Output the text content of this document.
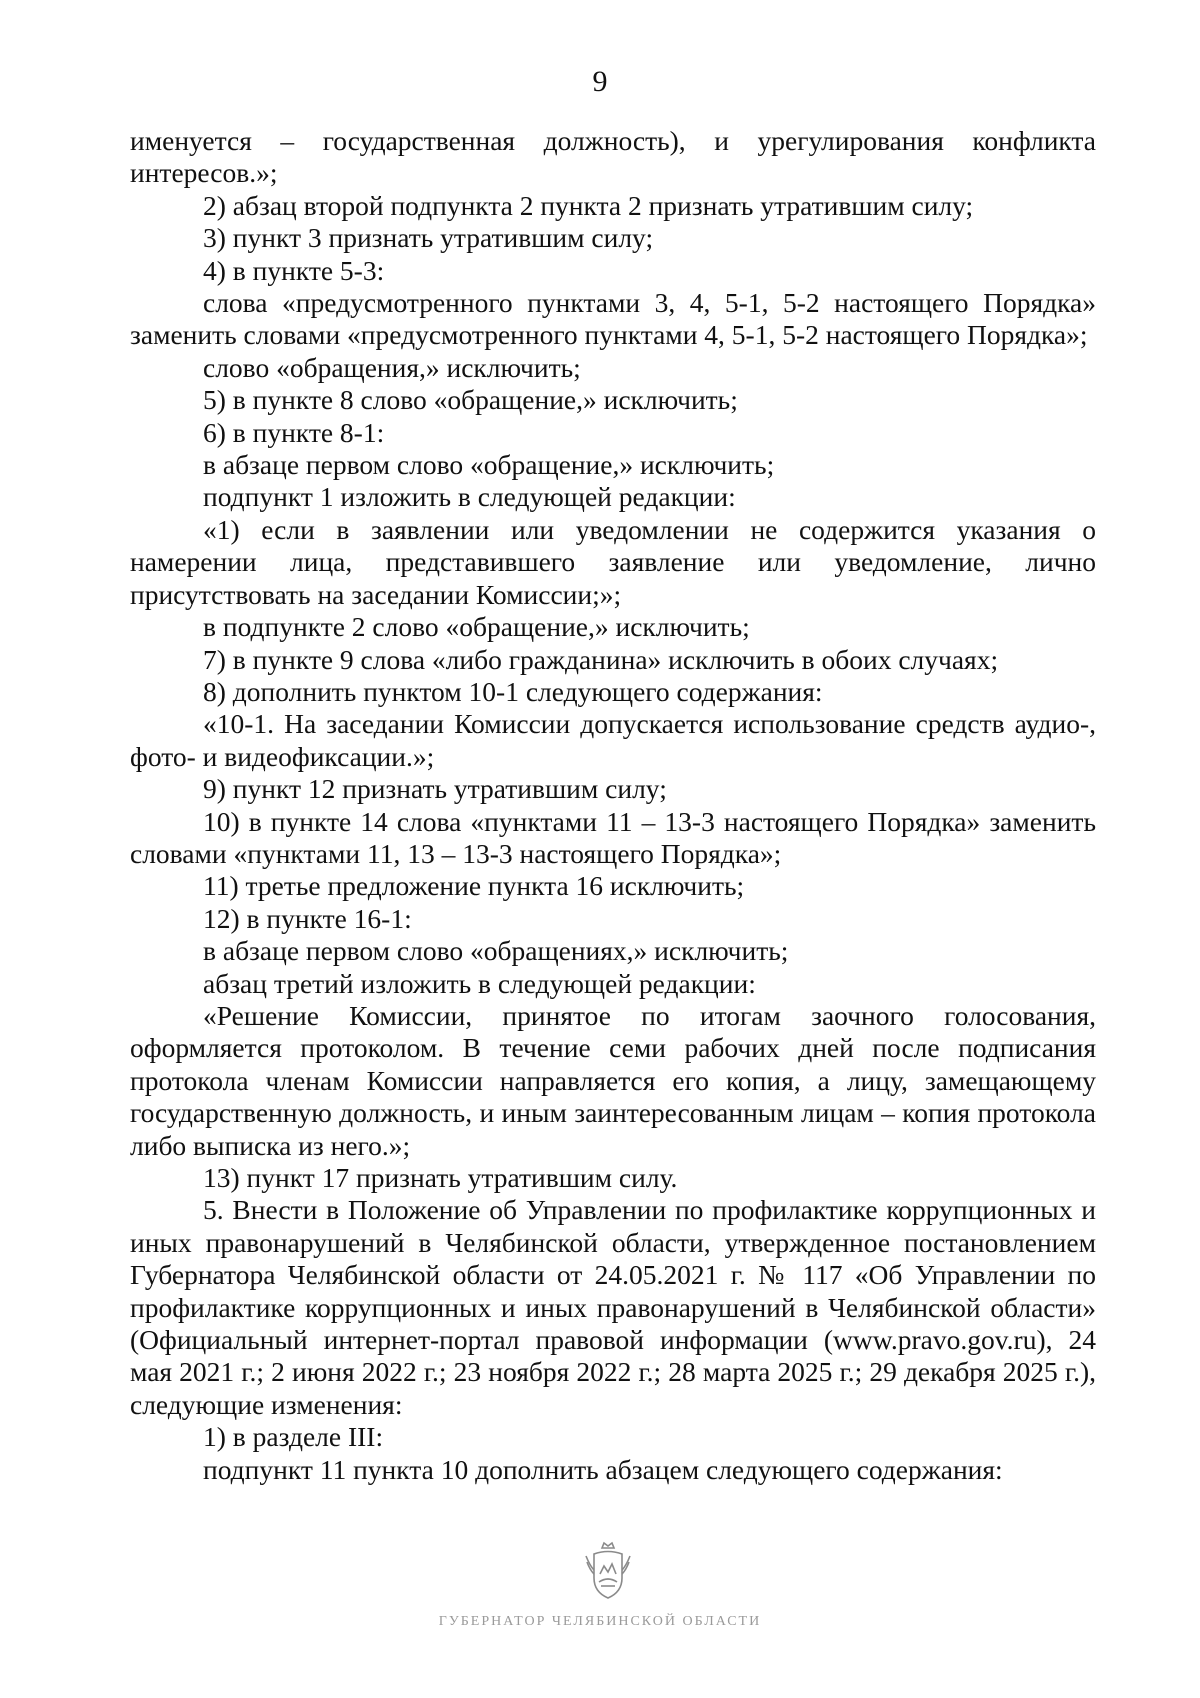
9

именуется – государственная должность), и урегулирования конфликта интересов.»;

2) абзац второй подпункта 2 пункта 2 признать утратившим силу;

3) пункт 3 признать утратившим силу;

4) в пункте 5-3:

слова «предусмотренного пунктами 3, 4, 5-1, 5-2 настоящего Порядка» заменить словами «предусмотренного пунктами 4, 5-1, 5-2 настоящего Порядка»;

слово «обращения,» исключить;

5) в пункте 8 слово «обращение,» исключить;

6) в пункте 8-1:

в абзаце первом слово «обращение,» исключить;

подпункт 1 изложить в следующей редакции:

«1) если в заявлении или уведомлении не содержится указания о намерении лица, представившего заявление или уведомление, лично присутствовать на заседании Комиссии;»;

в подпункте 2 слово «обращение,» исключить;

7) в пункте 9 слова «либо гражданина» исключить в обоих случаях;

8) дополнить пунктом 10-1 следующего содержания:

«10-1. На заседании Комиссии допускается использование средств аудио-, фото- и видеофиксации.»;

9) пункт 12 признать утратившим силу;

10) в пункте 14 слова «пунктами 11 – 13-3 настоящего Порядка» заменить словами «пунктами 11, 13 – 13-3 настоящего Порядка»;

11) третье предложение пункта 16 исключить;

12) в пункте 16-1:

в абзаце первом слово «обращениях,» исключить;

абзац третий изложить в следующей редакции:

«Решение Комиссии, принятое по итогам заочного голосования, оформляется протоколом. В течение семи рабочих дней после подписания протокола членам Комиссии направляется его копия, а лицу, замещающему государственную должность, и иным заинтересованным лицам – копия протокола либо выписка из него.»;

13) пункт 17 признать утратившим силу.

5. Внести в Положение об Управлении по профилактике коррупционных и иных правонарушений в Челябинской области, утвержденное постановлением Губернатора Челябинской области от 24.05.2021 г. № 117 «Об Управлении по профилактике коррупционных и иных правонарушений в Челябинской области» (Официальный интернет-портал правовой информации (www.pravo.gov.ru), 24 мая 2021 г.; 2 июня 2022 г.; 23 ноября 2022 г.; 28 марта 2025 г.; 29 декабря 2025 г.), следующие изменения:

1) в разделе III:

подпункт 11 пункта 10 дополнить абзацем следующего содержания:

ГУБЕРНАТОР ЧЕЛЯБИНСКОЙ ОБЛАСТИ
